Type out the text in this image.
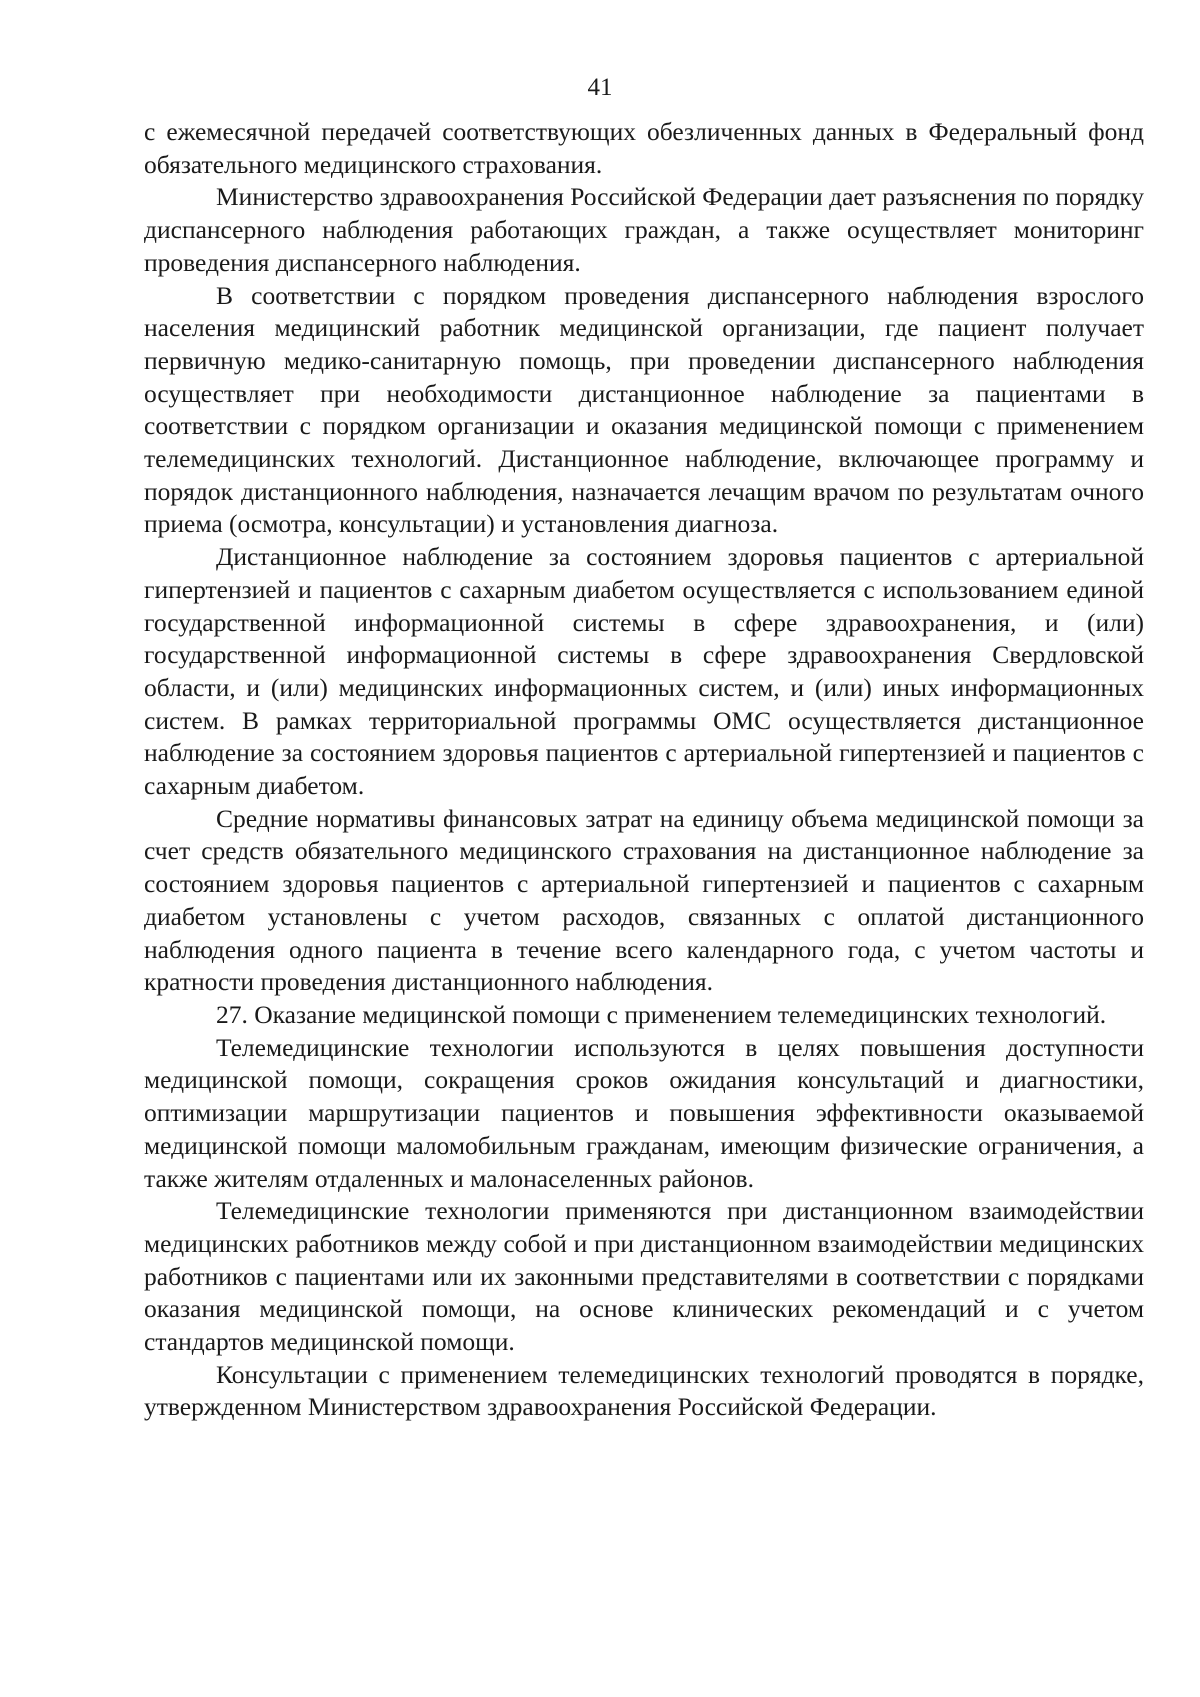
41

с ежемесячной передачей соответствующих обезличенных данных в Федеральный фонд обязательного медицинского страхования.

Министерство здравоохранения Российской Федерации дает разъяснения по порядку диспансерного наблюдения работающих граждан, а также осуществляет мониторинг проведения диспансерного наблюдения.

В соответствии с порядком проведения диспансерного наблюдения взрослого населения медицинский работник медицинской организации, где пациент получает первичную медико-санитарную помощь, при проведении диспансерного наблюдения осуществляет при необходимости дистанционное наблюдение за пациентами в соответствии с порядком организации и оказания медицинской помощи с применением телемедицинских технологий. Дистанционное наблюдение, включающее программу и порядок дистанционного наблюдения, назначается лечащим врачом по результатам очного приема (осмотра, консультации) и установления диагноза.

Дистанционное наблюдение за состоянием здоровья пациентов с артериальной гипертензией и пациентов с сахарным диабетом осуществляется с использованием единой государственной информационной системы в сфере здравоохранения, и (или) государственной информационной системы в сфере здравоохранения Свердловской области, и (или) медицинских информационных систем, и (или) иных информационных систем. В рамках территориальной программы ОМС осуществляется дистанционное наблюдение за состоянием здоровья пациентов с артериальной гипертензией и пациентов с сахарным диабетом.

Средние нормативы финансовых затрат на единицу объема медицинской помощи за счет средств обязательного медицинского страхования на дистанционное наблюдение за состоянием здоровья пациентов с артериальной гипертензией и пациентов с сахарным диабетом установлены с учетом расходов, связанных с оплатой дистанционного наблюдения одного пациента в течение всего календарного года, с учетом частоты и кратности проведения дистанционного наблюдения.

27. Оказание медицинской помощи с применением телемедицинских технологий.

Телемедицинские технологии используются в целях повышения доступности медицинской помощи, сокращения сроков ожидания консультаций и диагностики, оптимизации маршрутизации пациентов и повышения эффективности оказываемой медицинской помощи маломобильным гражданам, имеющим физические ограничения, а также жителям отдаленных и малонаселенных районов.

Телемедицинские технологии применяются при дистанционном взаимодействии медицинских работников между собой и при дистанционном взаимодействии медицинских работников с пациентами или их законными представителями в соответствии с порядками оказания медицинской помощи, на основе клинических рекомендаций и с учетом стандартов медицинской помощи.

Консультации с применением телемедицинских технологий проводятся в порядке, утвержденном Министерством здравоохранения Российской Федерации.
